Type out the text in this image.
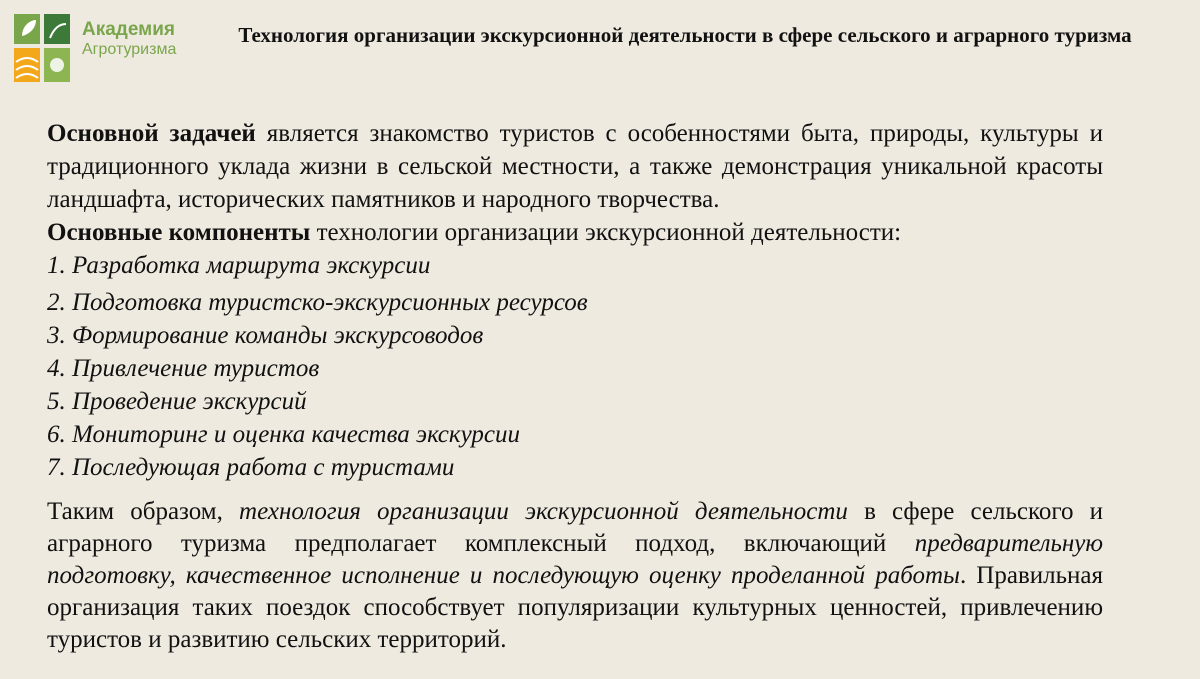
Академия
Агротуризма
Технология организации экскурсионной деятельности в сфере сельского и аграрного туризма

Основной задачей является знакомство туристов с особенностями быта, природы, культуры и традиционного уклада жизни в сельской местности, а также демонстрация уникальной красоты ландшафта, исторических памятников и народного творчества.

Основные компоненты технологии организации экскурсионной деятельности:

1. Разработка маршрута экскурсии
2. Подготовка туристско-экскурсионных ресурсов
3. Формирование команды экскурсоводов
4. Привлечение туристов
5. Проведение экскурсий
6. Мониторинг и оценка качества экскурсии
7. Последующая работа с туристами

Таким образом, технология организации экскурсионной деятельности в сфере сельского и аграрного туризма предполагает комплексный подход, включающий предварительную подготовку, качественное исполнение и последующую оценку проделанной работы. Правильная организация таких поездок способствует популяризации культурных ценностей, привлечению туристов и развитию сельских территорий.
